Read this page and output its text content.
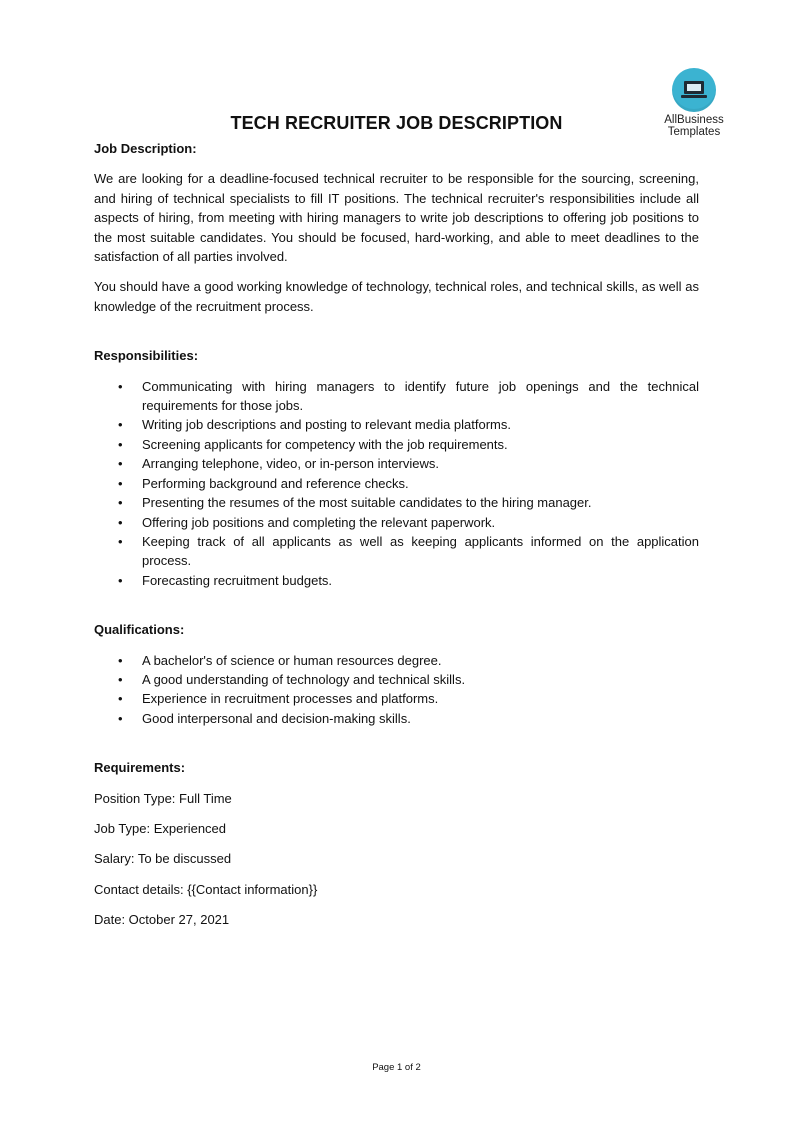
AllBusiness
Templates
TECH RECRUITER JOB DESCRIPTION
Job Description:

We are looking for a deadline-focused technical recruiter to be responsible for the sourcing, screening, and hiring of technical specialists to fill IT positions. The technical recruiter's responsibilities include all aspects of hiring, from meeting with hiring managers to write job descriptions to offering job positions to the most suitable candidates. You should be focused, hard-working, and able to meet deadlines to the satisfaction of all parties involved.

You should have a good working knowledge of technology, technical roles, and technical skills, as well as knowledge of the recruitment process.

Responsibilities:
• Communicating with hiring managers to identify future job openings and the technical requirements for those jobs.
• Writing job descriptions and posting to relevant media platforms.
• Screening applicants for competency with the job requirements.
• Arranging telephone, video, or in-person interviews.
• Performing background and reference checks.
• Presenting the resumes of the most suitable candidates to the hiring manager.
• Offering job positions and completing the relevant paperwork.
• Keeping track of all applicants as well as keeping applicants informed on the application process.
• Forecasting recruitment budgets.
Qualifications:
• A bachelor's of science or human resources degree.
• A good understanding of technology and technical skills.
• Experience in recruitment processes and platforms.
• Good interpersonal and decision-making skills.
Requirements:
Position Type: Full Time
Job Type: Experienced
Salary: To be discussed
Contact details: {{Contact information}}
Date: October 27, 2021
Page 1 of 2
